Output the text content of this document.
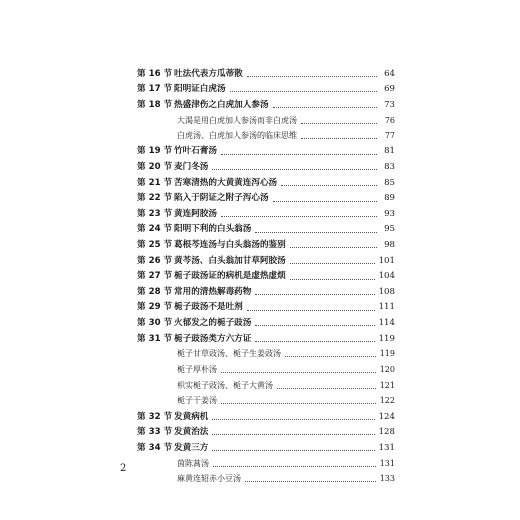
第 16 节 吐法代表方瓜蒂散	64
第 17 节 阳明证白虎汤	69
第 18 节 热盛津伤之白虎加人参汤	73
大渴是用白虎加人参汤而非白虎汤	76
白虎汤、白虎加人参汤的临床思维	77
第 19 节 竹叶石膏汤	81
第 20 节 麦门冬汤	83
第 21 节 苦寒清热的大黄黄连泻心汤	85
第 22 节 陷入于阴证之附子泻心汤	89
第 23 节 黄连阿胶汤	93
第 24 节 阳明下利的白头翁汤	95
第 25 节 葛根芩连汤与白头翁汤的鉴别	98
第 26 节 黄芩汤、白头翁加甘草阿胶汤	101
第 27 节 栀子豉汤证的病机是虚热虚烦	104
第 28 节 常用的清热解毒药物	108
第 29 节 栀子豉汤不是吐剂	111
第 30 节 火郁发之的栀子豉汤	114
第 31 节 栀子豉汤类方六方证	119
栀子甘草豉汤、栀子生姜豉汤	119
栀子厚朴汤	120
枳实栀子豉汤、栀子大黄汤	121
栀子干姜汤	122
第 32 节 发黄病机	124
第 33 节 发黄治法	128
第 34 节 发黄三方	131
茵陈蒿汤	131
麻黄连轺赤小豆汤	133
2
